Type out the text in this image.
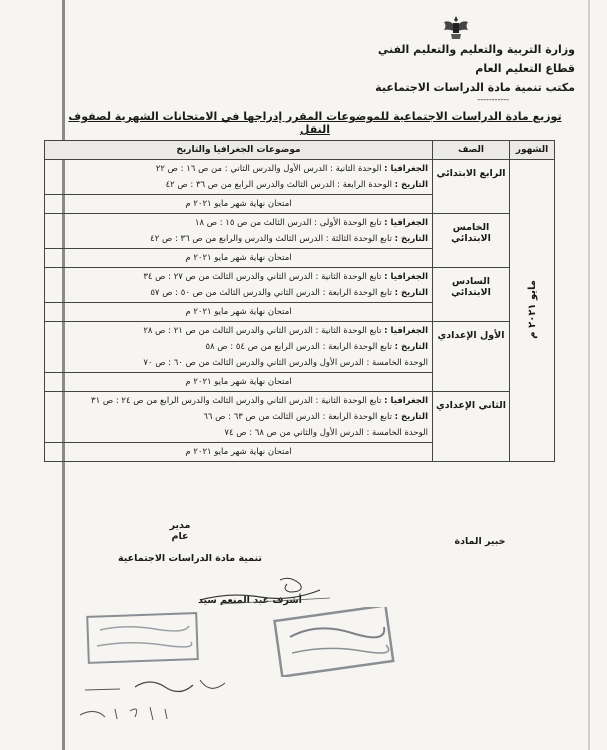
وزارة التربية والتعليم والتعليم الفني
قطاع التعليم العام
مكتب تنمية مادة الدراسات الاجتماعية
-----------
توزيع مادة الدراسات الاجتماعية للموضوعات المقرر إدراجها في الامتحانات الشهرية لصفوف النقل
الشهور	الصف	موضوعات الجغرافيا والتاريخ
مايو ٢٠٢١ م	الرابع الابتدائي	الجغرافيا : الوحدة الثانية : الدرس الأول والدرس الثاني : من ص ١٦ : ص ٢٢
التاريخ : الوحدة الرابعة : الدرس الثالث والدرس الرابع من ص ٣٦ : ص ٤٢

		امتحان نهاية شهر مايو ٢٠٢١ م
	الخامس الابتدائي	الجغرافيا : تابع الوحدة الأولى : الدرس الثالث من ص ١٥ : ص ١٨
التاريخ : تابع الوحدة الثالثة : الدرس الثالث والدرس والرابع من ص ٣٦ : ص ٤٢

		امتحان نهاية شهر مايو ٢٠٢١ م
	السادس الابتدائي	الجغرافيا : تابع الوحدة الثانية : الدرس الثاني والدرس الثالث من ص ٢٧ : ص ٣٤
التاريخ : تابع الوحدة الرابعة : الدرس الثاني والدرس الثالث من ص ٥٠ : ص ٥٧

		امتحان نهاية شهر مايو ٢٠٢١ م
	الأول الإعدادي	الجغرافيا : تابع الوحدة الثانية : الدرس الثاني والدرس الثالث من ص ٢١ : ص ٢٨
التاريخ : تابع الوحدة الرابعة : الدرس الرابع من ص ٥٤ : ص ٥٨
الوحدة الخامسة : الدرس الأول والدرس الثاني والدرس الثالث من ص ٦٠ : ص ٧٠

		امتحان نهاية شهر مايو ٢٠٢١ م
	الثاني الإعدادي	الجغرافيا : تابع الوحدة الثانية : الدرس الثاني والدرس الثالث والدرس الرابع من ص ٢٤ : ص ٣١
التاريخ : تابع الوحدة الرابعة : الدرس الثالث من ص ٦٣ : ص ٦٦
الوحدة الخامسة : الدرس الأول والثاني من ص ٦٨ : ص ٧٤

		امتحان نهاية شهر مايو ٢٠٢١ م
خبير المادة
مدير عام
تنمية مادة الدراسات الاجتماعية
أشرف عبد المنعم سيد
